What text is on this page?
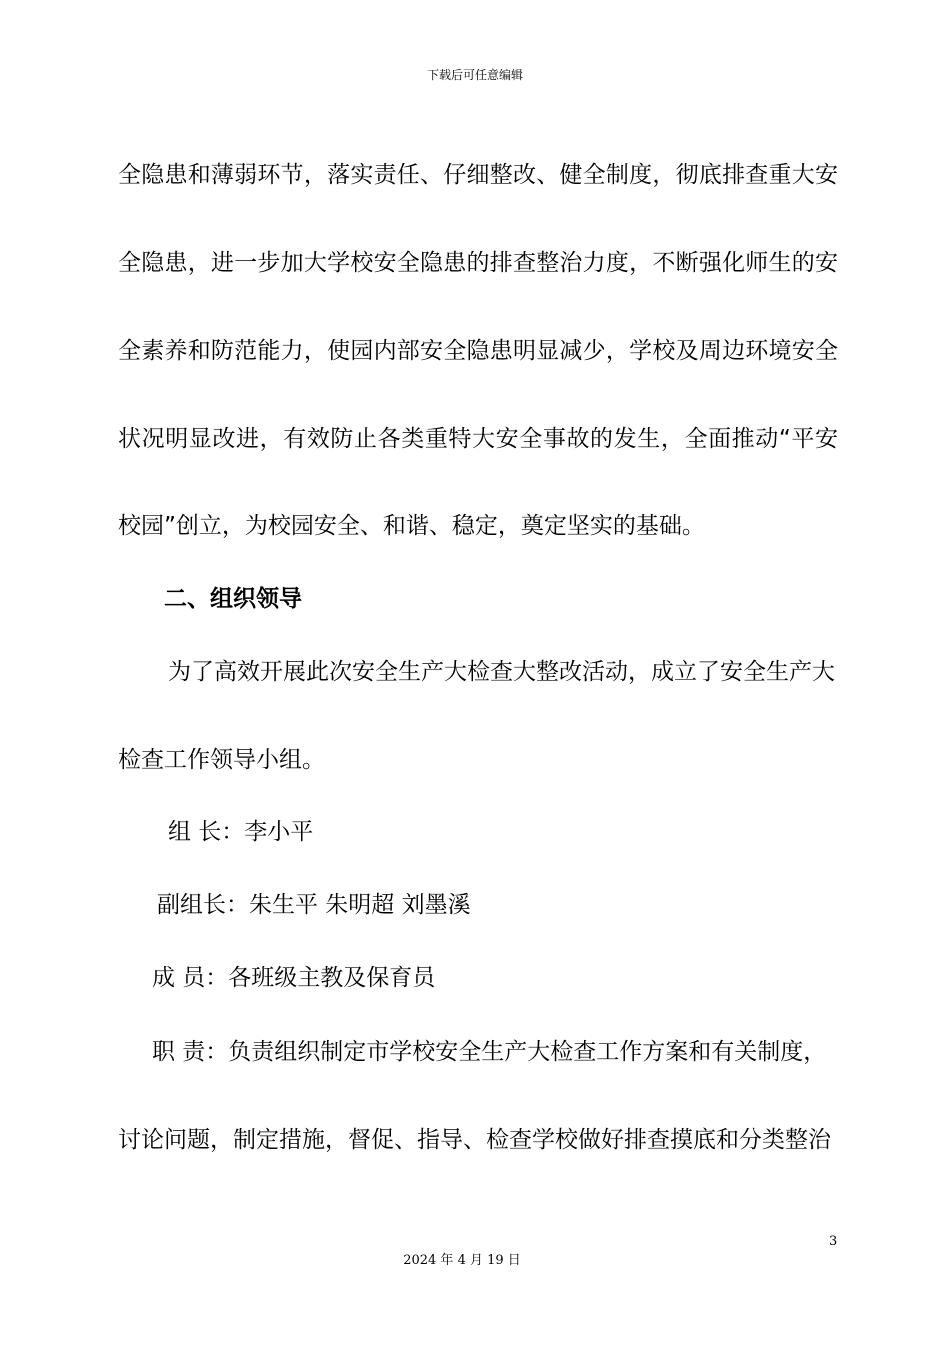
下载后可任意编辑
全隐患和薄弱环节，落实责任、仔细整改、健全制度，彻底排查重大安
全隐患，进一步加大学校安全隐患的排查整治力度，不断强化师生的安
全素养和防范能力，使园内部安全隐患明显减少，学校及周边环境安全
状况明显改进，有效防止各类重特大安全事故的发生，全面推动“平安
校园”创立，为校园安全、和谐、稳定，奠定坚实的基础。
二、组织领导
为了高效开展此次安全生产大检查大整改活动，成立了安全生产大
检查工作领导小组。
组 长：李小平
副组长：朱生平 朱明超 刘墨溪
成 员：各班级主教及保育员
职 责：负责组织制定市学校安全生产大检查工作方案和有关制度，
讨论问题，制定措施，督促、指导、检查学校做好排查摸底和分类整治
3
2024 年 4 月 19 日
